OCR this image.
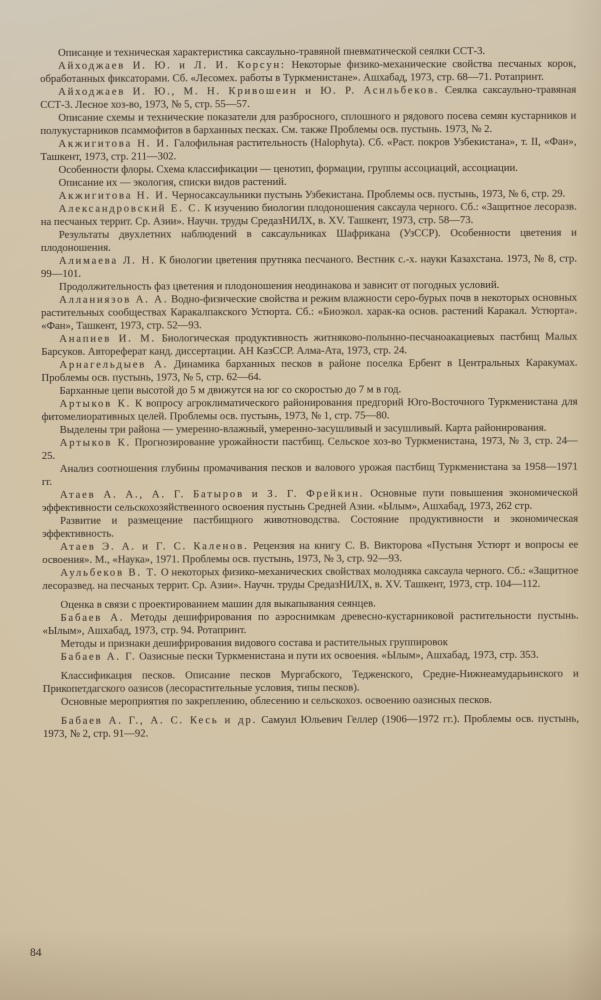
Описание и техническая характеристика саксаульно-травяной пневматической сеялки ССТ-3.

Айходжаев И. Ю. и Л. И. Корсун: Некоторые физико-механические свойства песчаных корок, обработанных фиксаторами. Сб. «Лесомех. работы в Туркменистане». Ашхабад, 1973, стр. 68—71. Ротапринт.

Айходжаев И. Ю., М. Н. Кривошеин и Ю. Р. Асильбеков. Сеялка саксаульно-травяная ССТ-3. Лесное хоз-во, 1973, № 5, стр. 55—57.

Описание схемы и технические показатели для разбросного, сплошного и рядового посева семян кустарников и полукустарников псаммофитов в барханных песках. См. также Проблемы осв. пустынь. 1973, № 2.

Акжигитова Н. И. Галофильная растительность (Halophyta). Сб. «Раст. покров Узбекистана», т. II, «Фан», Ташкент, 1973, стр. 211—302.

Особенности флоры. Схема классификации — ценотип, формации, группы ассоциаций, ассоциации.

Описание их — экология, списки видов растений.

Акжигитова Н. И. Черносаксаульники пустынь Узбекистана. Проблемы осв. пустынь, 1973, № 6, стр. 29.

Александровский Е. С. К изучению биологии плодоношения саксаула черного. Сб.: «Защитное лесоразв. на песчаных террит. Ср. Азии». Научн. труды СредазНИЛХ, в. XV. Ташкент, 1973, стр. 58—73.

Результаты двухлетних наблюдений в саксаульниках Шафрикана (УзССР). Особенности цветения и плодоношения.

Алимаева Л. Н. К биологии цветения прутняка песчаного. Вестник с.-х. науки Казахстана. 1973, № 8, стр. 99—101.

Продолжительность фаз цветения и плодоношения неодинакова и зависит от погодных условий.

Алланиязов А. А. Водно-физические свойства и режим влажности серо-бурых почв в некоторых основных растительных сообществах Каракалпакского Устюрта. Сб.: «Биоэкол. харак-ка основ. растений Каракал. Устюрта». «Фан», Ташкент, 1973, стр. 52—93.

Анапиев И. М. Биологическая продуктивность житняково-полынно-песчаноакациевых пастбищ Малых Барсуков. Автореферат канд. диссертации. АН КазССР. Алма-Ата, 1973, стр. 24.

Арнагельдыев А. Динамика барханных песков в районе поселка Ербент в Центральных Каракумах. Проблемы осв. пустынь, 1973, № 5, стр. 62—64.

Барханные цепи высотой до 5 м движутся на юг со скоростью до 7 м в год.

Артыков К. К вопросу агроклиматического районирования предгорий Юго-Восточного Туркменистана для фитомелиоративных целей. Проблемы осв. пустынь, 1973, № 1, стр. 75—80.

Выделены три района — умеренно-влажный, умеренно-засушливый и засушливый. Карта районирования.

Артыков К. Прогнозирование урожайности пастбищ. Сельское хоз-во Туркменистана, 1973, № 3, стр. 24—25.

Анализ соотношения глубины промачивания песков и валового урожая пастбищ Туркменистана за 1958—1971 гг.

Атаев А. А., А. Г. Батыров и З. Г. Фрейкин. Основные пути повышения экономической эффективности сельскохозяйственного освоения пустынь Средней Азии. «Ылым», Ашхабад, 1973, 262 стр.

Развитие и размещение пастбищного животноводства. Состояние продуктивности и экономическая эффективность.

Атаев Э. А. и Г. С. Каленов. Рецензия на книгу С. В. Викторова «Пустыня Устюрт и вопросы ее освоения». М., «Наука», 1971. Проблемы осв. пустынь, 1973, № 3, стр. 92—93.

Аульбеков В. Т. О некоторых физико-механических свойствах молодняка саксаула черного. Сб.: «Защитное лесоразвед. на песчаных террит. Ср. Азии». Научн. труды СредазНИЛХ, в. XV. Ташкент, 1973, стр. 104—112.

Оценка в связи с проектированием машин для выкапывания сеянцев.

Бабаев А. Методы дешифрирования по аэроснимкам древесно-кустарниковой растительности пустынь. «Ылым», Ашхабад, 1973, стр. 94. Ротапринт.

Методы и признаки дешифрирования видового состава и растительных группировок

Бабаев А. Г. Оазисные пески Туркменистана и пути их освоения. «Ылым», Ашхабад, 1973, стр. 353.

Классификация песков. Описание песков Мургабского, Тедженского, Средне-Нижнеамударьинского и Прикопетдагского оазисов (лесорастительные условия, типы песков).

Основные мероприятия по закреплению, облесению и сельскохоз. освоению оазисных песков.

Бабаев А. Г., А. С. Кесь и др. Самуил Юльевич Геллер (1906—1972 гг.). Проблемы осв. пустынь, 1973, № 2, стр. 91—92.

84
